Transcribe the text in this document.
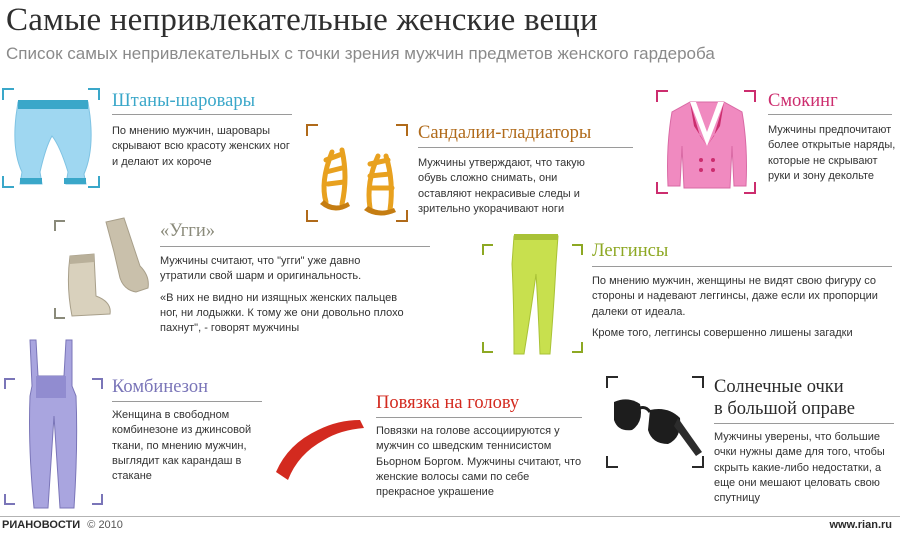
Самые непривлекательные женские вещи
Список самых непривлекательных с точки зрения мужчин предметов женского гардероба
Штаны-шаровары

По мнению мужчин, шаровары скрывают всю красоту женских ног и делают их короче

Сандалии-гладиаторы

Мужчины утверждают, что такую обувь сложно снимать, они оставляют некрасивые следы и зрительно укорачивают ноги

Смокинг

Мужчины предпочитают более открытые наряды, которые не скрывают руки и зону декольте

«Угги»

Мужчины считают, что "угги" уже давно утратили свой шарм и оригинальность.

«В них не видно ни изящных женских пальцев ног, ни лодыжки. К тому же они довольно плохо пахнут", - говорят мужчины

Леггинсы

По мнению мужчин, женщины не видят свою фигуру со стороны и надевают леггинсы, даже если их пропорции далеки от идеала.

Кроме того, леггинсы совершенно лишены загадки

Комбинезон

Женщина в свободном комбинезоне из джинсовой ткани, по мнению мужчин, выглядит как карандаш в стакане

Повязка на голову

Повязки на голове ассоциируются у мужчин со шведским теннисистом Бьорном Боргом. Мужчины считают, что женские волосы сами по себе прекрасное украшение

Солнечные очки
в большой оправе

Мужчины уверены, что большие очки нужны даме для того, чтобы скрыть какие-либо недостатки, а еще они мешают целовать свою спутницу

РИАНОВОСТИ © 2010	www.rian.ru
